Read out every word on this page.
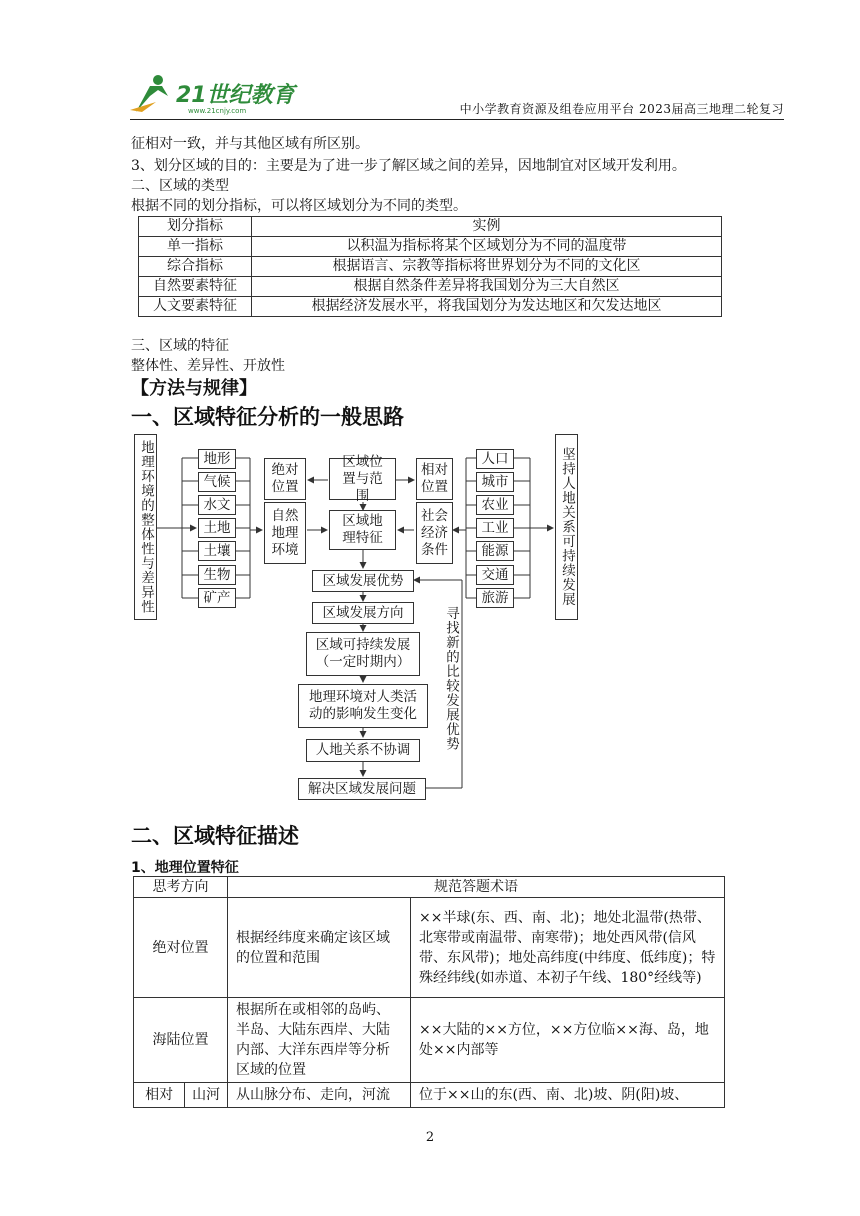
21世纪教育
www.21cnjy.com	中小学教育资源及组卷应用平台 2023届高三地理二轮复习
征相对一致，并与其他区域有所区别。
3、划分区域的目的：主要是为了进一步了解区域之间的差异，因地制宜对区域开发利用。
二、区域的类型
根据不同的划分指标，可以将区域划分为不同的类型。
划分指标	实例
单一指标	以积温为指标将某个区域划分为不同的温度带
综合指标	根据语言、宗教等指标将世界划分为不同的文化区
自然要素特征	根据自然条件差异将我国划分为三大自然区
人文要素特征	根据经济发展水平，将我国划分为发达地区和欠发达地区
三、区域的特征
整体性、差异性、开放性
【方法与规律】
一、区域特征分析的一般思路
地理环境的整体性与差异性	坚持人地关系可持续发展
地形
气候
水文
土地
土壤
生物
矿产
绝对位置
自然地理环境
区域位置与范围
区域地理特征
相对位置
社会经济条件
人口
城市
农业
工业
能源
交通
旅游
区域发展优势
区域发展方向
区域可持续发展
（一定时期内）
地理环境对人类活动的影响发生变化
人地关系不协调
解决区域发展问题
寻找新的比较发展优势
二、区域特征描述
1、地理位置特征
思考方向		规范答题术语	
绝对位置		根据经纬度来确定该区域的位置和范围	××半球(东、西、南、北)；地处北温带(热带、北寒带或南温带、南寒带)；地处西风带(信风带、东风带)；地处高纬度(中纬度、低纬度)；特殊经纬线(如赤道、本初子午线、180°经线等)
海陆位置		根据所在或相邻的岛屿、半岛、大陆东西岸、大陆内部、大洋东西岸等分析区域的位置	××大陆的××方位，××方位临××海、岛，地处××内部等
相对	山河	从山脉分布、走向，河流	位于××山的东(西、南、北)坡、阴(阳)坡、
2
